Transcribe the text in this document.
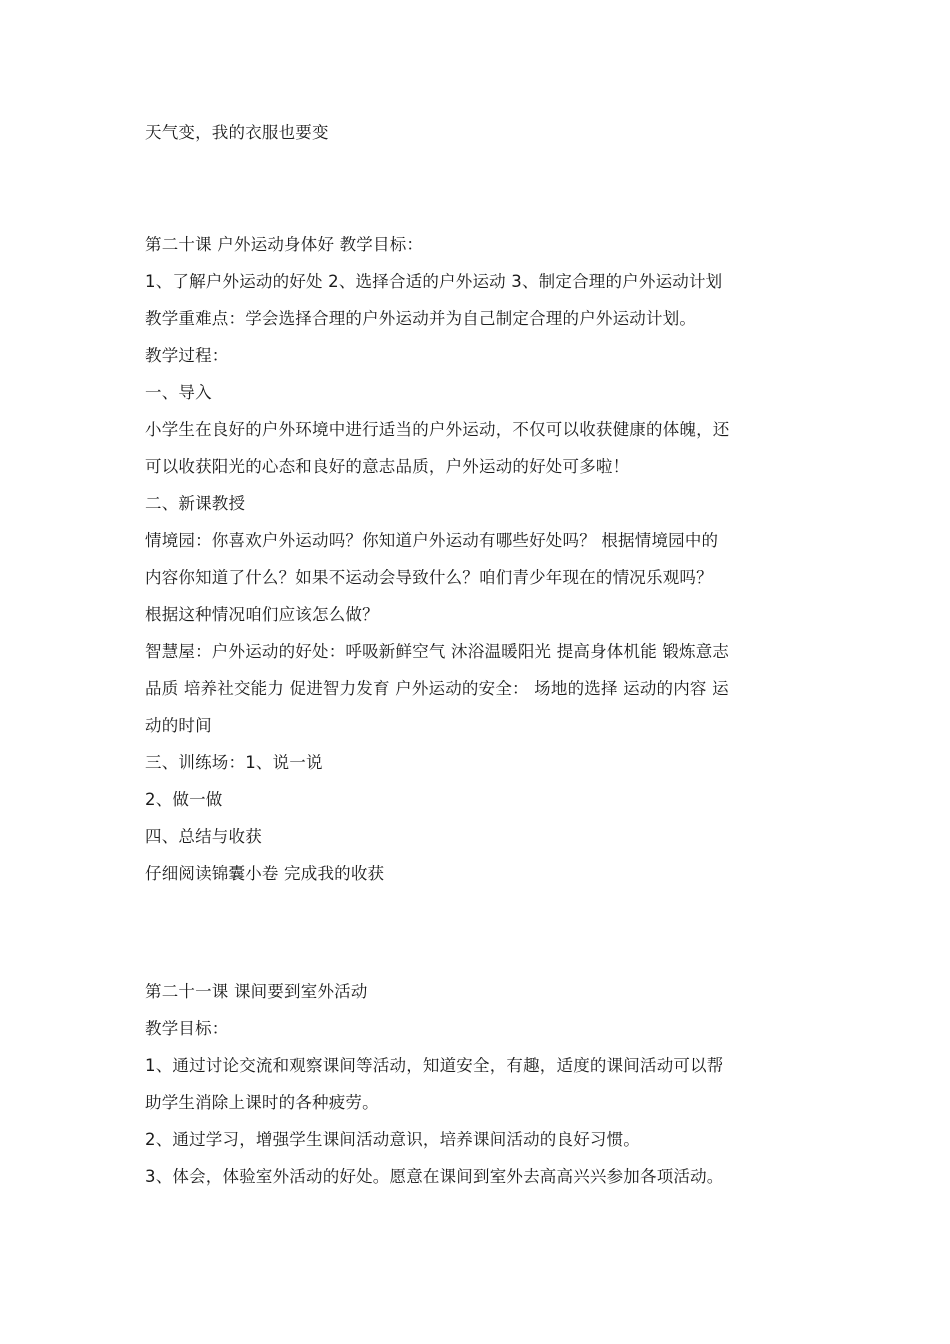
天气变，我的衣服也要变
第二十课 户外运动身体好 教学目标：
1、了解户外运动的好处 2、选择合适的户外运动 3、制定合理的户外运动计划
教学重难点：学会选择合理的户外运动并为自己制定合理的户外运动计划。
教学过程：
一、导入
小学生在良好的户外环境中进行适当的户外运动，不仅可以收获健康的体魄，还
可以收获阳光的心态和良好的意志品质，户外运动的好处可多啦！
二、新课教授
情境园：你喜欢户外运动吗？你知道户外运动有哪些好处吗？ 根据情境园中的
内容你知道了什么？如果不运动会导致什么？咱们青少年现在的情况乐观吗？
根据这种情况咱们应该怎么做？
智慧屋：户外运动的好处：呼吸新鲜空气 沐浴温暖阳光 提高身体机能 锻炼意志
品质 培养社交能力 促进智力发育 户外运动的安全： 场地的选择 运动的内容 运
动的时间
三、训练场：1、说一说
2、做一做
四、总结与收获
仔细阅读锦囊小卷 完成我的收获
第二十一课 课间要到室外活动
教学目标：
1、通过讨论交流和观察课间等活动，知道安全，有趣，适度的课间活动可以帮
助学生消除上课时的各种疲劳。
2、通过学习，增强学生课间活动意识，培养课间活动的良好习惯。
3、体会，体验室外活动的好处。愿意在课间到室外去高高兴兴参加各项活动。
